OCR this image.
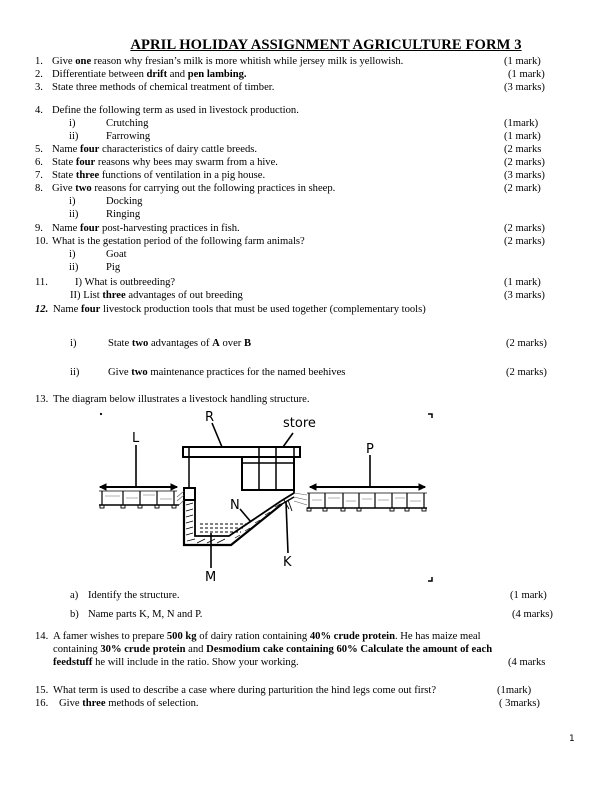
APRIL HOLIDAY ASSIGNMENT AGRICULTURE FORM 3
1. Give one reason why fresian’s milk is more whitish while jersey milk is yellowish.	(1 mark)
2. Differentiate between drift and pen lambing.	(1 mark)
3. State three methods of chemical treatment of timber.	(3 marks)
4. Define the following term as used in livestock production.
i)	Crutching	(1mark)
ii)	Farrowing	(1 mark)
5. Name four characteristics of dairy cattle breeds.	(2 marks
6. State four reasons why bees may swarm from a hive.	(2 marks)
7. State three functions of ventilation in a pig house.	(3 marks)
8. Give two reasons for carrying out the following practices in sheep.	(2 mark)
i)	Docking
ii)	Ringing
9. Name four post-harvesting practices in fish.	(2 marks)
10. What is the gestation period of the following farm animals?	(2 marks)
i)	Goat
ii)	Pig
11.	I) What is outbreeding?	(1 mark)
II) List three advantages of out breeding	(3 marks)
12. Name four livestock production tools that must be used together (complementary tools)
i)	State two advantages of A over B	(2 marks)
ii)	Give two maintenance practices for the named beehives	(2 marks)
13. The diagram below illustrates a livestock handling structure.
R	store
L
P
N
K
M
a) Identify the structure.	(1 mark)
b) Name parts K, M, N and P.	(4 marks)
14. A famer wishes to prepare 500 kg of dairy ration containing 40% crude protein. He has maize meal
containing 30% crude protein and Desmodium cake containing 60% Calculate the amount of each
feedstuff he will include in the ratio. Show your working.	(4 marks
15. What term is used to describe a case where during parturition the hind legs come out first?	(1mark)
16. Give three methods of selection.	( 3marks)
1
